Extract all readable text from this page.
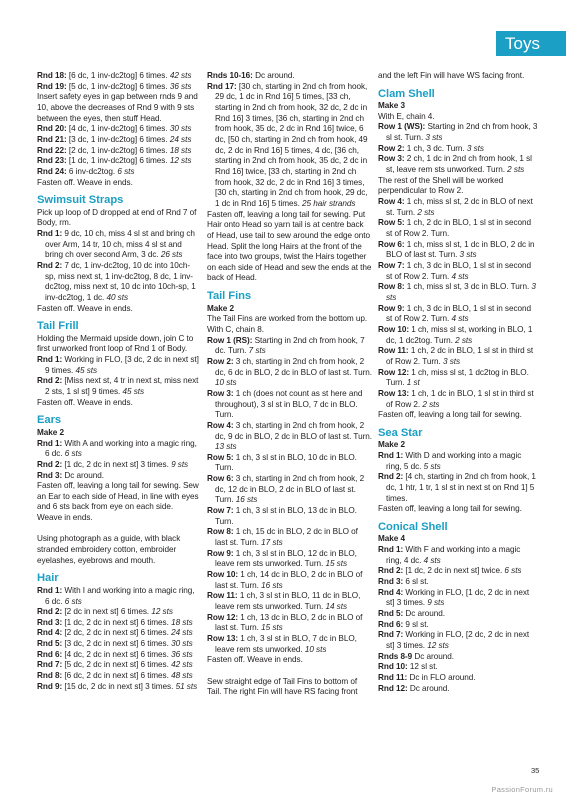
Toys

Rnd 18: [6 dc, 1 inv-dc2tog] 6 times. 42 sts

Rnd 19: [5 dc, 1 inv-dc2tog] 6 times. 36 sts

Insert safety eyes in gap between rnds 9 and 10, above the decreases of Rnd 9 with 9 sts between the eyes, then stuff Head.

Rnd 20: [4 dc, 1 inv-dc2tog] 6 times. 30 sts

Rnd 21: [3 dc, 1 inv-dc2tog] 6 times. 24 sts

Rnd 22: [2 dc, 1 inv-dc2tog] 6 times. 18 sts

Rnd 23: [1 dc, 1 inv-dc2tog] 6 times. 12 sts

Rnd 24: 6 inv-dc2tog. 6 sts

Fasten off. Weave in ends.

Swimsuit Straps

Pick up loop of D dropped at end of Rnd 7 of Body, rm.

Rnd 1: 9 dc, 10 ch, miss 4 sl st and bring ch over Arm, 14 tr, 10 ch, miss 4 sl st and bring ch over second Arm, 3 dc. 26 sts

Rnd 2: 7 dc, 1 inv-dc2tog, 10 dc into 10ch-sp, miss next st, 1 inv-dc2tog, 8 dc, 1 inv-dc2tog, miss next st, 10 dc into 10ch-sp, 1 inv-dc2tog, 1 dc. 40 sts

Fasten off. Weave in ends.

Tail Frill

Holding the Mermaid upside down, join C to first unworked front loop of Rnd 1 of Body.

Rnd 1: Working in FLO, [3 dc, 2 dc in next st] 9 times. 45 sts

Rnd 2: [Miss next st, 4 tr in next st, miss next 2 sts, 1 sl st] 9 times. 45 sts

Fasten off. Weave in ends.

Ears

Make 2

Rnd 1: With A and working into a magic ring, 6 dc. 6 sts

Rnd 2: [1 dc, 2 dc in next st] 3 times. 9 sts

Rnd 3: Dc around.

Fasten off, leaving a long tail for sewing. Sew an Ear to each side of Head, in line with eyes and 6 sts back from eye on each side. Weave in ends.

Using photograph as a guide, with black stranded embroidery cotton, embroider eyelashes, eyebrows and mouth.

Hair

Rnd 1: With I and working into a magic ring, 6 dc. 6 sts

Rnd 2: [2 dc in next st] 6 times. 12 sts

Rnd 3: [1 dc, 2 dc in next st] 6 times. 18 sts

Rnd 4: [2 dc, 2 dc in next st] 6 times. 24 sts

Rnd 5: [3 dc, 2 dc in next st] 6 times. 30 sts

Rnd 6: [4 dc, 2 dc in next st] 6 times. 36 sts

Rnd 7: [5 dc, 2 dc in next st] 6 times. 42 sts

Rnd 8: [6 dc, 2 dc in next st] 6 times. 48 sts

Rnd 9: [15 dc, 2 dc in next st] 3 times. 51 sts

Rnds 10-16: Dc around.

Rnd 17: [30 ch, starting in 2nd ch from hook, 29 dc, 1 dc in Rnd 16] 5 times, [33 ch, starting in 2nd ch from hook, 32 dc, 2 dc in Rnd 16] 3 times, [36 ch, starting in 2nd ch from hook, 35 dc, 2 dc in Rnd 16] twice, 6 dc, [50 ch, starting in 2nd ch from hook, 49 dc, 2 dc in Rnd 16] 5 times, 4 dc, [36 ch, starting in 2nd ch from hook, 35 dc, 2 dc in Rnd 16] twice, [33 ch, starting in 2nd ch from hook, 32 dc, 2 dc in Rnd 16] 3 times, [30 ch, starting in 2nd ch from hook, 29 dc, 1 dc in Rnd 16] 5 times. 25 hair strands

Fasten off, leaving a long tail for sewing. Put Hair onto Head so yarn tail is at centre back of Head, use tail to sew around the edge onto Head. Split the long Hairs at the front of the face into two groups, twist the Hairs together on each side of Head and sew the ends at the back of Head.

Tail Fins

Make 2

The Tail Fins are worked from the bottom up. With C, chain 8.

Row 1 (RS): Starting in 2nd ch from hook, 7 dc. Turn. 7 sts

Row 2: 3 ch, starting in 2nd ch from hook, 2 dc, 6 dc in BLO, 2 dc in BLO of last st. Turn. 10 sts

Row 3: 1 ch (does not count as st here and throughout), 3 sl st in BLO, 7 dc in BLO. Turn.

Row 4: 3 ch, starting in 2nd ch from hook, 2 dc, 9 dc in BLO, 2 dc in BLO of last st. Turn. 13 sts

Row 5: 1 ch, 3 sl st in BLO, 10 dc in BLO. Turn.

Row 6: 3 ch, starting in 2nd ch from hook, 2 dc, 12 dc in BLO, 2 dc in BLO of last st. Turn. 16 sts

Row 7: 1 ch, 3 sl st in BLO, 13 dc in BLO. Turn.

Row 8: 1 ch, 15 dc in BLO, 2 dc in BLO of last st. Turn. 17 sts

Row 9: 1 ch, 3 sl st in BLO, 12 dc in BLO, leave rem sts unworked. Turn. 15 sts

Row 10: 1 ch, 14 dc in BLO, 2 dc in BLO of last st. Turn. 16 sts

Row 11: 1 ch, 3 sl st in BLO, 11 dc in BLO, leave rem sts unworked. Turn. 14 sts

Row 12: 1 ch, 13 dc in BLO, 2 dc in BLO of last st. Turn. 15 sts

Row 13: 1 ch, 3 sl st in BLO, 7 dc in BLO, leave rem sts unworked. 10 sts

Fasten off. Weave in ends.

Sew straight edge of Tail Fins to bottom of Tail. The right Fin will have RS facing front

and the left Fin will have WS facing front.

Clam Shell

Make 3

With E, chain 4.

Row 1 (WS): Starting in 2nd ch from hook, 3 sl st. Turn. 3 sts

Row 2: 1 ch, 3 dc. Turn. 3 sts

Row 3: 2 ch, 1 dc in 2nd ch from hook, 1 sl st, leave rem sts unworked. Turn. 2 sts

The rest of the Shell will be worked perpendicular to Row 2.

Row 4: 1 ch, miss sl st, 2 dc in BLO of next st. Turn. 2 sts

Row 5: 1 ch, 2 dc in BLO, 1 sl st in second st of Row 2. Turn.

Row 6: 1 ch, miss sl st, 1 dc in BLO, 2 dc in BLO of last st. Turn. 3 sts

Row 7: 1 ch, 3 dc in BLO, 1 sl st in second st of Row 2. Turn. 4 sts

Row 8: 1 ch, miss sl st, 3 dc in BLO. Turn. 3 sts

Row 9: 1 ch, 3 dc in BLO, 1 sl st in second st of Row 2. Turn. 4 sts

Row 10: 1 ch, miss sl st, working in BLO, 1 dc, 1 dc2tog. Turn. 2 sts

Row 11: 1 ch, 2 dc in BLO, 1 sl st in third st of Row 2. Turn. 3 sts

Row 12: 1 ch, miss sl st, 1 dc2tog in BLO. Turn. 1 st

Row 13: 1 ch, 1 dc in BLO, 1 sl st in third st of Row 2. 2 sts

Fasten off, leaving a long tail for sewing.

Sea Star

Make 2

Rnd 1: With D and working into a magic ring, 5 dc. 5 sts

Rnd 2: [4 ch, starting in 2nd ch from hook, 1 dc, 1 htr, 1 tr, 1 sl st in next st on Rnd 1] 5 times.

Fasten off, leaving a long tail for sewing.

Conical Shell

Make 4

Rnd 1: With F and working into a magic ring, 4 dc. 4 sts

Rnd 2: [1 dc, 2 dc in next st] twice. 6 sts

Rnd 3: 6 sl st.

Rnd 4: Working in FLO, [1 dc, 2 dc in next st] 3 times. 9 sts

Rnd 5: Dc around.

Rnd 6: 9 sl st.

Rnd 7: Working in FLO, [2 dc, 2 dc in next st] 3 times. 12 sts

Rnds 8-9 Dc around.

Rnd 10: 12 sl st.

Rnd 11: Dc in FLO around.

Rnd 12: Dc around.

35
PassionForum.ru
